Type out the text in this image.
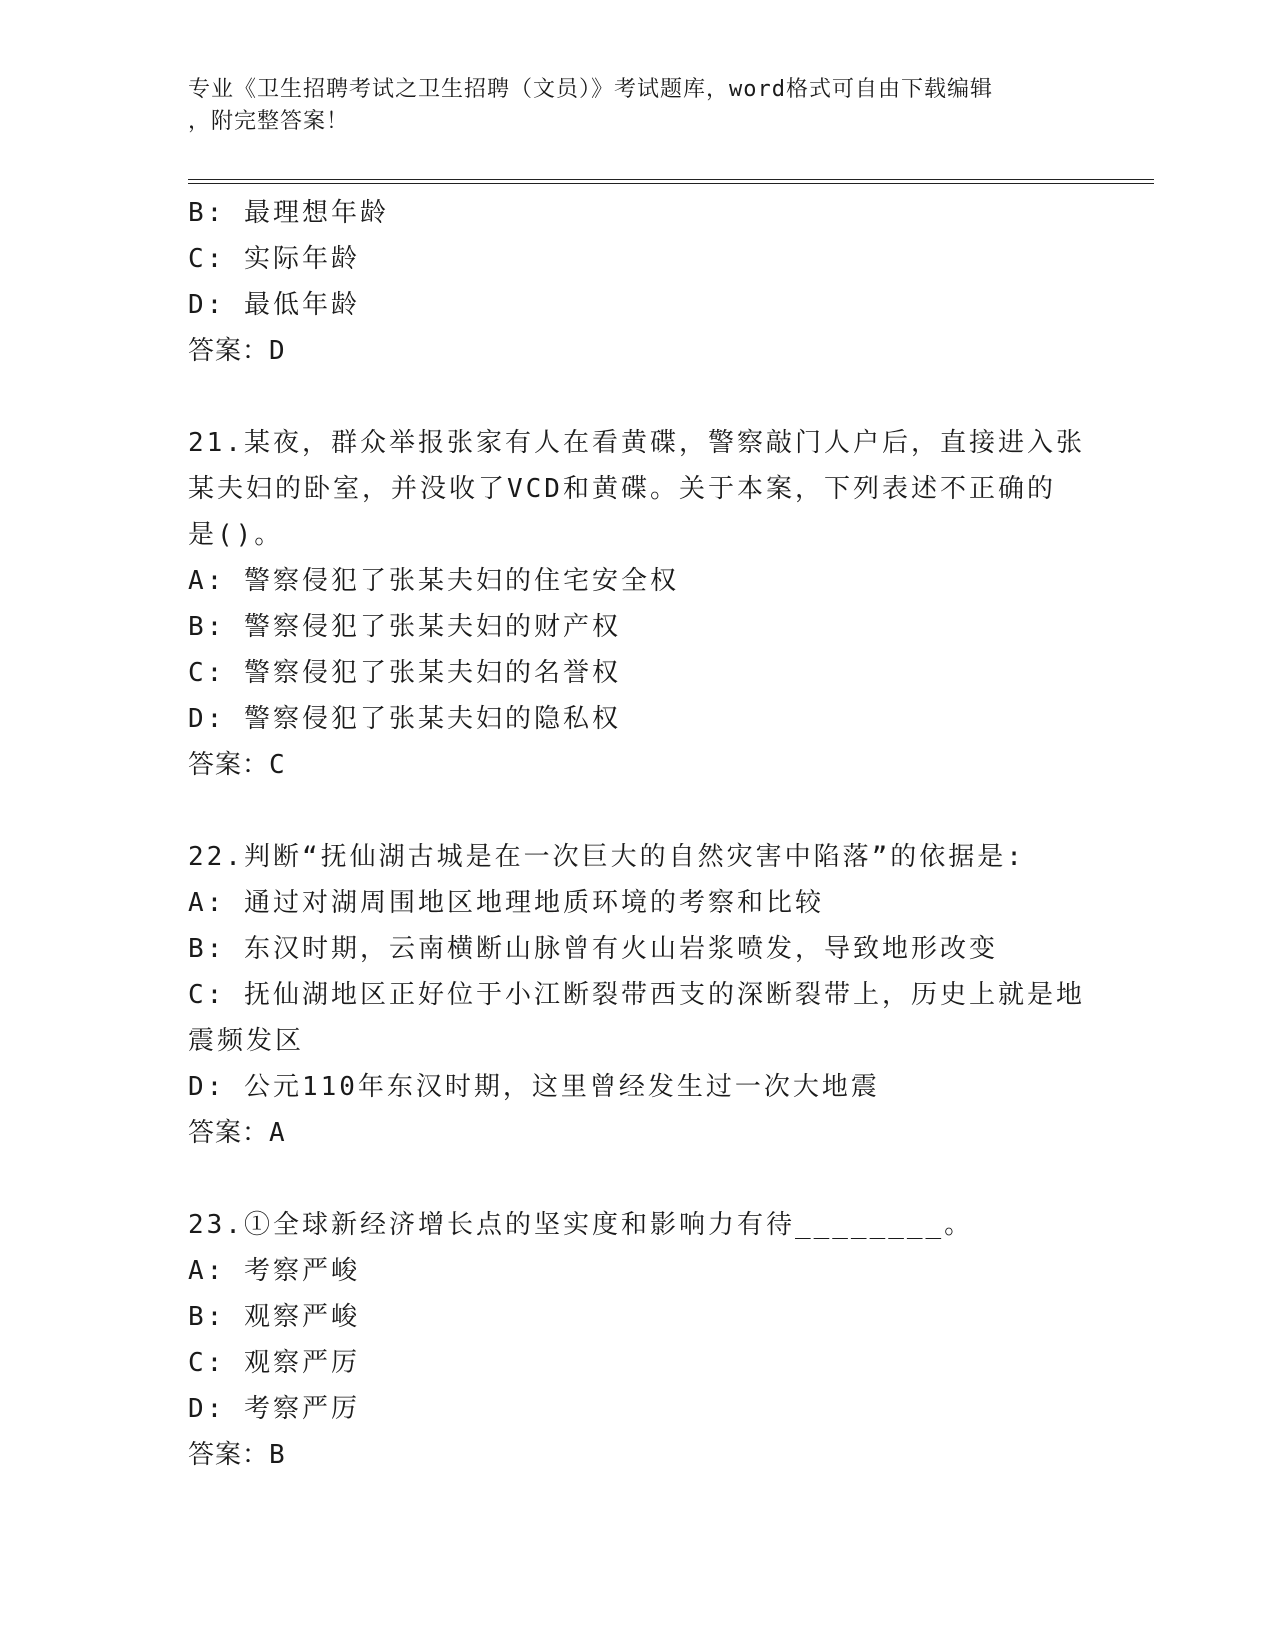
专业《卫生招聘考试之卫生招聘（文员）》考试题库，word格式可自由下载编辑
，附完整答案！
B: 最理想年龄
C: 实际年龄
D: 最低年龄
答案：D
21.某夜，群众举报张家有人在看黄碟，警察敲门人户后，直接进入张
某夫妇的卧室，并没收了VCD和黄碟。关于本案，下列表述不正确的
是()。
A: 警察侵犯了张某夫妇的住宅安全权
B: 警察侵犯了张某夫妇的财产权
C: 警察侵犯了张某夫妇的名誉权
D: 警察侵犯了张某夫妇的隐私权
答案：C
22.判断“抚仙湖古城是在一次巨大的自然灾害中陷落”的依据是:
A: 通过对湖周围地区地理地质环境的考察和比较
B: 东汉时期，云南横断山脉曾有火山岩浆喷发，导致地形改变
C: 抚仙湖地区正好位于小江断裂带西支的深断裂带上，历史上就是地
震频发区
D: 公元110年东汉时期，这里曾经发生过一次大地震
答案：A
23.①全球新经济增长点的坚实度和影响力有待________。
A: 考察严峻
B: 观察严峻
C: 观察严厉
D: 考察严厉
答案：B
